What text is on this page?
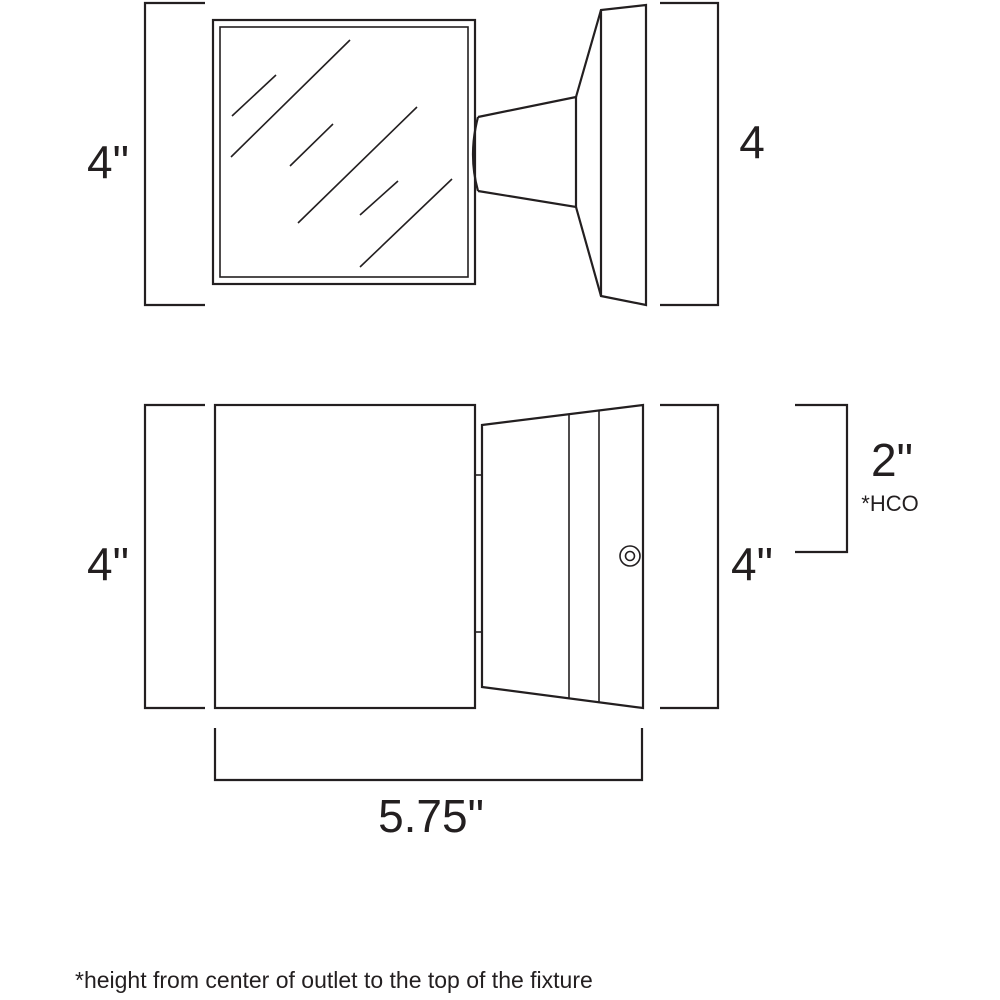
4"	4
4"	4"
2"
*HCO
5.75"
*height from center of outlet to the top of the fixture
